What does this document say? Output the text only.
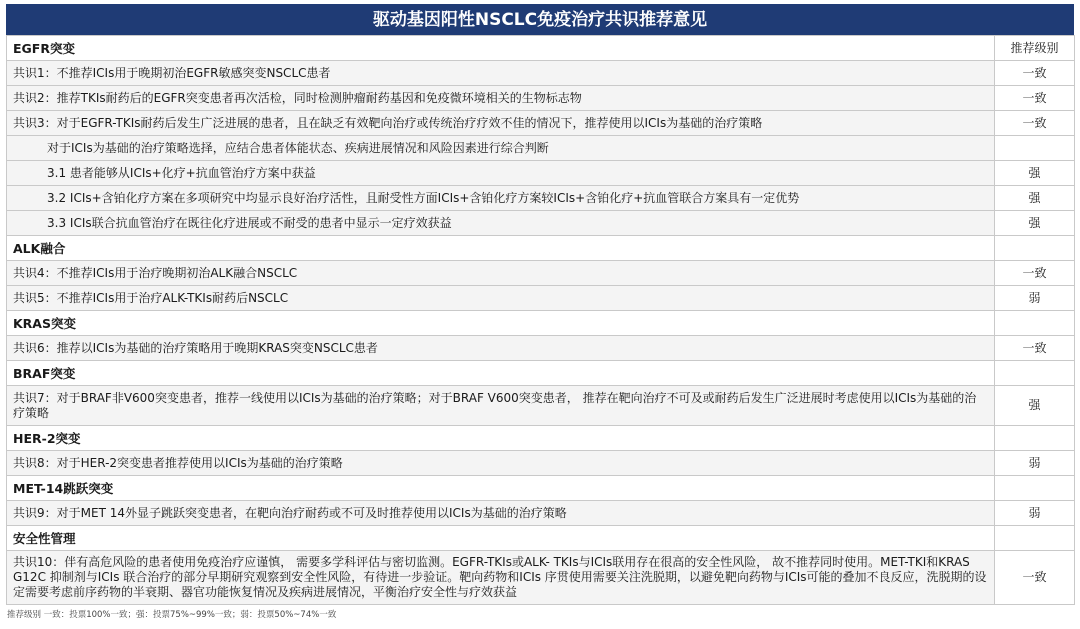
驱动基因阳性NSCLC免疫治疗共识推荐意见
EGFR突变	推荐级别
共识1：不推荐ICIs用于晚期初治EGFR敏感突变NSCLC患者	一致
共识2：推荐TKIs耐药后的EGFR突变患者再次活检，同时检测肿瘤耐药基因和免疫微环境相关的生物标志物	一致
共识3：对于EGFR-TKIs耐药后发生广泛进展的患者，且在缺乏有效靶向治疗或传统治疗疗效不佳的情况下，推荐使用以ICIs为基础的治疗策略	一致
对于ICIs为基础的治疗策略选择，应结合患者体能状态、疾病进展情况和风险因素进行综合判断	
3.1 患者能够从ICIs+化疗+抗血管治疗方案中获益	强
3.2 ICIs+含铂化疗方案在多项研究中均显示良好治疗活性，且耐受性方面ICIs+含铂化疗方案较ICIs+含铂化疗+抗血管联合方案具有一定优势	强
3.3 ICIs联合抗血管治疗在既往化疗进展或不耐受的患者中显示一定疗效获益	强
ALK融合	
共识4：不推荐ICIs用于治疗晚期初治ALK融合NSCLC	一致
共识5：不推荐ICIs用于治疗ALK-TKIs耐药后NSCLC	弱
KRAS突变	
共识6：推荐以ICIs为基础的治疗策略用于晚期KRAS突变NSCLC患者	一致
BRAF突变	
共识7：对于BRAF非V600突变患者，推荐一线使用以ICIs为基础的治疗策略；对于BRAF V600突变患者， 推荐在靶向治疗不可及或耐药后发生广泛进展时考虑使用以ICIs为基础的治疗策略	强
HER-2突变	
共识8：对于HER-2突变患者推荐使用以ICIs为基础的治疗策略	弱
MET-14跳跃突变	
共识9：对于MET 14外显子跳跃突变患者，在靶向治疗耐药或不可及时推荐使用以ICIs为基础的治疗策略	弱
安全性管理	
共识10：伴有高危风险的患者使用免疫治疗应谨慎， 需要多学科评估与密切监测。EGFR-TKIs或ALK- TKIs与ICIs联用存在很高的安全性风险， 故不推荐同时使用。MET-TKI和KRAS G12C 抑制剂与ICIs 联合治疗的部分早期研究观察到安全性风险，有待进一步验证。靶向药物和ICIs 序贯使用需要关注洗脱期，以避免靶向药物与ICIs可能的叠加不良反应，洗脱期的设定需要考虑前序药物的半衰期、器官功能恢复情况及疾病进展情况，平衡治疗安全性与疗效获益	一致
推荐级别 一致：投票100%一致；强：投票75%~99%一致；弱：投票50%~74%一致
